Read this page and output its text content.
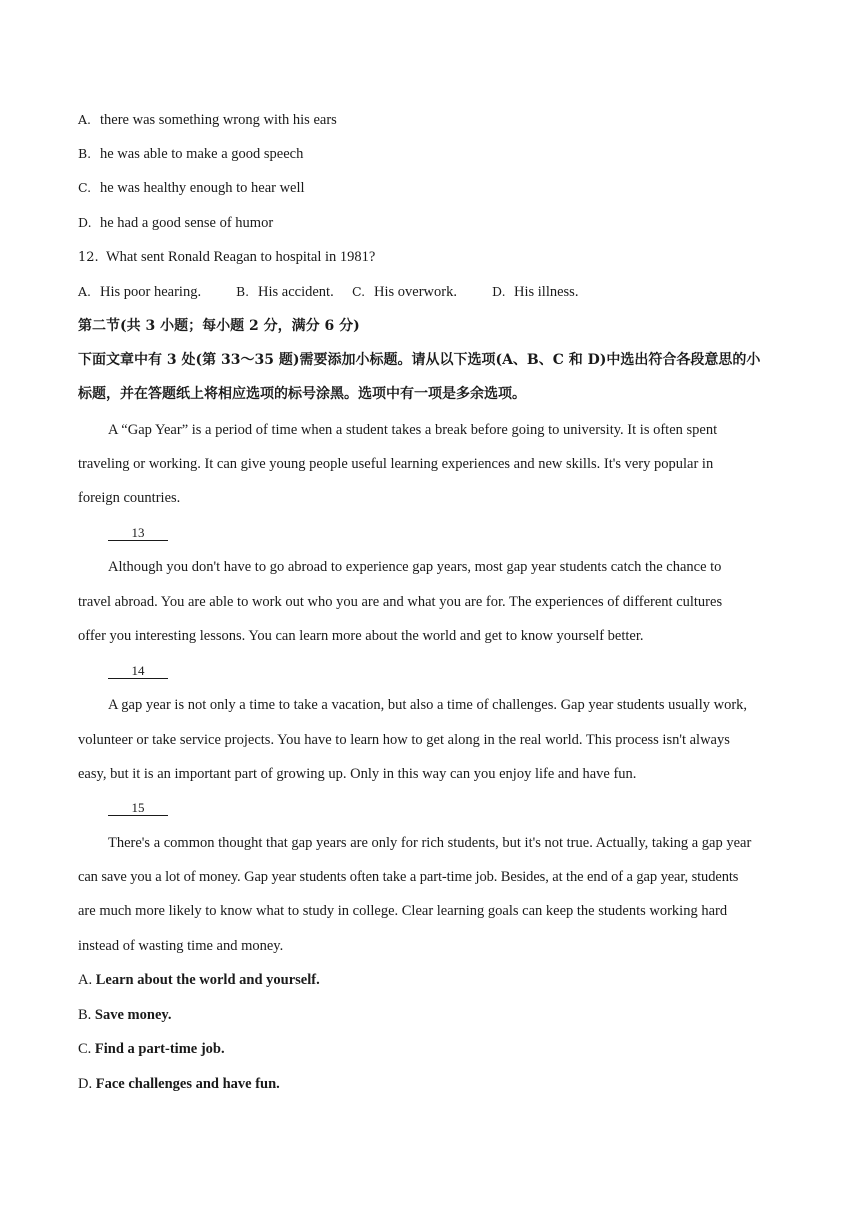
A. there was something wrong with his ears
B. he was able to make a good speech
C. he was healthy enough to hear well
D. he had a good sense of humor
12. What sent Ronald Reagan to hospital in 1981?
A. His poor hearing.	B. His accident. C. His overwork.	D. His illness.
第二节(共 3 小题；每小题 2 分，满分 6 分)
下面文章中有 3 处(第 33～35 题)需要添加小标题。请从以下选项(A、B、C 和 D)中选出符合各段意思的小
标题，并在答题纸上将相应选项的标号涂黑。选项中有一项是多余选项。
A “Gap Year” is a period of time when a student takes a break before going to university. It is often spent
traveling or working. It can give young people useful learning experiences and new skills. It's very popular in
foreign countries.
13
Although you don't have to go abroad to experience gap years, most gap year students catch the chance to
travel abroad. You are able to work out who you are and what you are for. The experiences of different cultures
offer you interesting lessons. You can learn more about the world and get to know yourself better.
14
A gap year is not only a time to take a vacation, but also a time of challenges. Gap year students usually work,
volunteer or take service projects. You have to learn how to get along in the real world. This process isn't always
easy, but it is an important part of growing up. Only in this way can you enjoy life and have fun.
15
There's a common thought that gap years are only for rich students, but it's not true. Actually, taking a gap year
can save you a lot of money. Gap year students often take a part-time job. Besides, at the end of a gap year, students
are much more likely to know what to study in college. Clear learning goals can keep the students working hard
instead of wasting time and money.
A. Learn about the world and yourself.
B. Save money.
C. Find a part-time job.
D. Face challenges and have fun.
